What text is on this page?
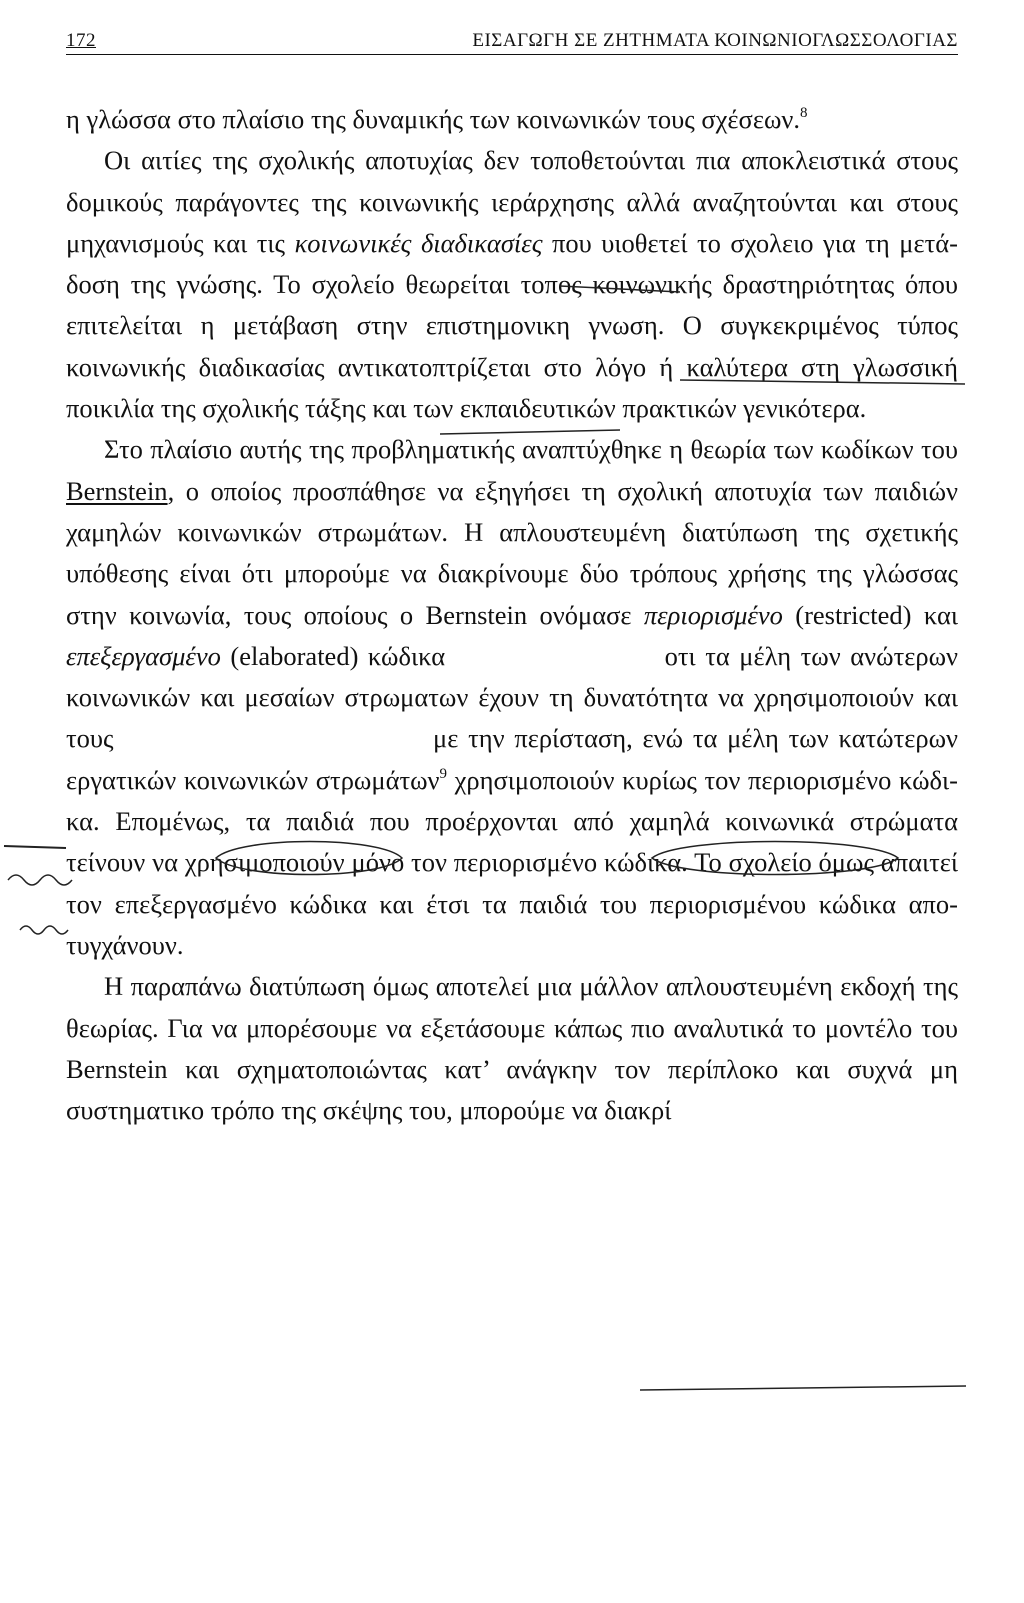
172	ΕΙΣΑΓΩΓΗ ΣΕ ΖΗΤΗΜΑΤΑ ΚΟΙΝΩΝΙΟΓΛΩΣΣΟΛΟΓΙΑΣ

η γλώσσα στο πλαίσιο της δυναμικής των κοινωνικών τους σχέσεων.$^8$

Οι αιτίες της σχολικής αποτυχίας δεν τοποθετούνται πια αποκλειστικά στους δομικούς παράγοντες της κοινωνικής ιεράρχησης αλλά αναζητούνται και στους μηχανισμούς και τις κοινωνικές διαδικασίες που υιοθετεί το σχολειο για τη μετάδοση της γνώσης. Το σχολείο θεωρείται τοπος κοινωνικής δραστηριότητας όπου επιτελείται η μετάβαση στην επιστημονικη γνωση. Ο συγκεκριμένος τύπος κοινωνικής διαδικασίας αντικατοπτρίζεται στο λόγο ή καλύτερα στη γλωσσική ποικιλία της σχολικής τάξης και των εκπαιδευτικών πρακτικών γενικότερα.

Στο πλαίσιο αυτής της προβληματικής αναπτύχθηκε η θεωρία των κωδίκων του Bernstein, ο οποίος προσπάθησε να εξηγήσει τη σχολική αποτυχία των παιδιών χαμηλών κοινωνικών στρωμάτων. Η απλουστευμένη διατύπωση της σχετικής υπόθεσης είναι ότι μπορούμε να διακρίνουμε δύο τρόπους χρήσης της γλώσσας στην κοινωνία, τους οποίους ο Bernstein ονόμασε περιορισμένο (restricted) και επεξεργασμένο (elaborated) κώδικα	οτι τα μέλη των ανώτερων κοινωνικών και μεσαίων στρωματων έχουν τη δυνατότητα να χρησιμοποιούν και τους	με την περίσταση, ενώ τα μέλη των κατώτερων εργατικών κοινωνικών στρωμάτων$^9$ χρησιμοποιούν κυρίως τον περιορισμένο κώδικα. Επομένως, τα παιδιά που προέρχονται από χαμηλά κοινωνικά στρώματα τείνουν να χρησιμοποιούν μόνο τον περιορισμένο κώδικα. Το σχολείο όμως απαιτεί τον επεξεργασμένο κώδικα και έτσι τα παιδιά του περιορισμένου κώδικα αποτυγχάνουν.

Η παραπάνω διατύπωση όμως αποτελεί μια μάλλον απλουστευμένη εκδοχή της θεωρίας. Για να μπορέσουμε να εξετάσουμε κάπως πιο αναλυτικά το μοντέλο του Bernstein και σχηματοποιώντας κατ’ ανάγκην τον περίπλοκο και συχνά μη συστηματικο τρόπο της σκέψης του, μπορούμε να διακρί
